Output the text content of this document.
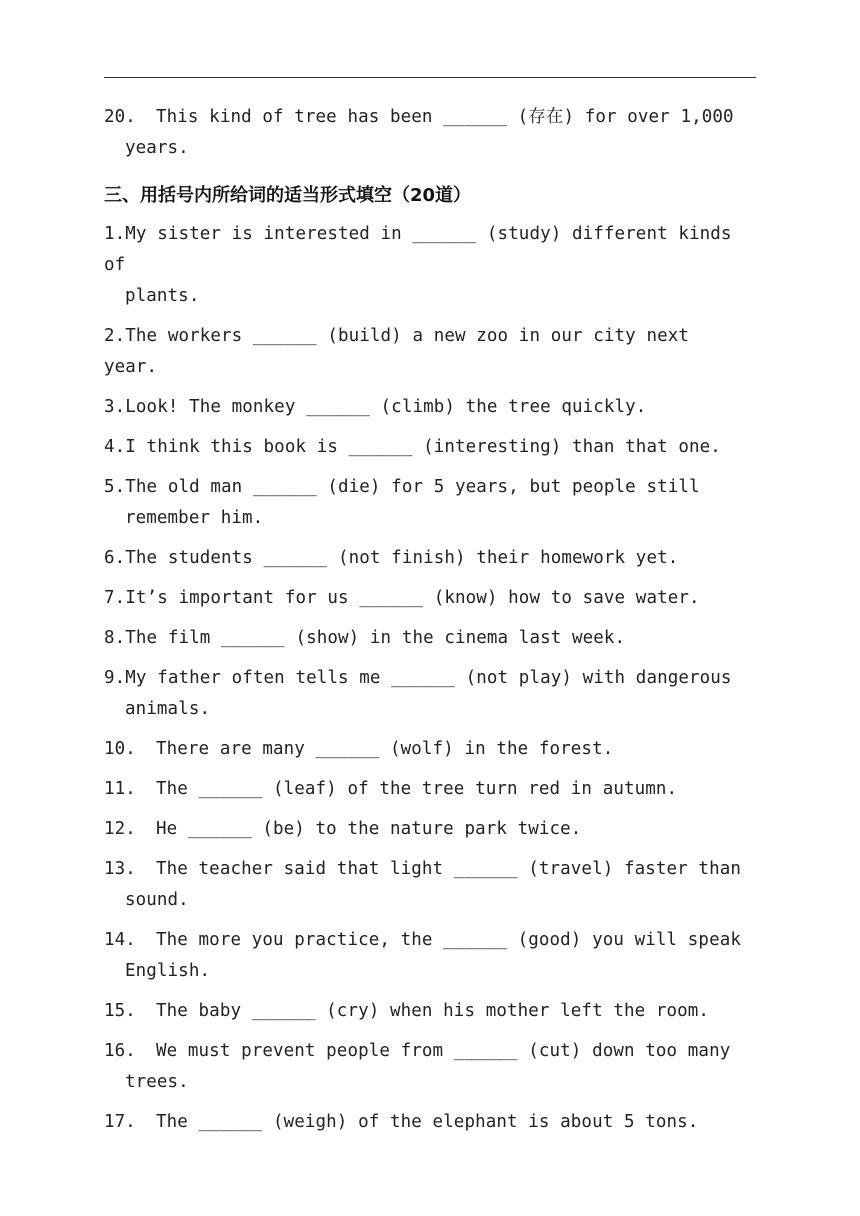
20. This kind of tree has been ______ (存在) for over 1,000
years.
三、用括号内所给词的适当形式填空（20道）
1.My sister is interested in ______ (study) different kinds of
plants.
2.The workers ______ (build) a new zoo in our city next year.
3.Look! The monkey ______ (climb) the tree quickly.
4.I think this book is ______ (interesting) than that one.
5.The old man ______ (die) for 5 years, but people still
remember him.
6.The students ______ (not finish) their homework yet.
7.It’s important for us ______ (know) how to save water.
8.The film ______ (show) in the cinema last week.
9.My father often tells me ______ (not play) with dangerous
animals.
10. There are many ______ (wolf) in the forest.
11. The ______ (leaf) of the tree turn red in autumn.
12. He ______ (be) to the nature park twice.
13. The teacher said that light ______ (travel) faster than
sound.
14. The more you practice, the ______ (good) you will speak
English.
15. The baby ______ (cry) when his mother left the room.
16. We must prevent people from ______ (cut) down too many
trees.
17. The ______ (weigh) of the elephant is about 5 tons.
